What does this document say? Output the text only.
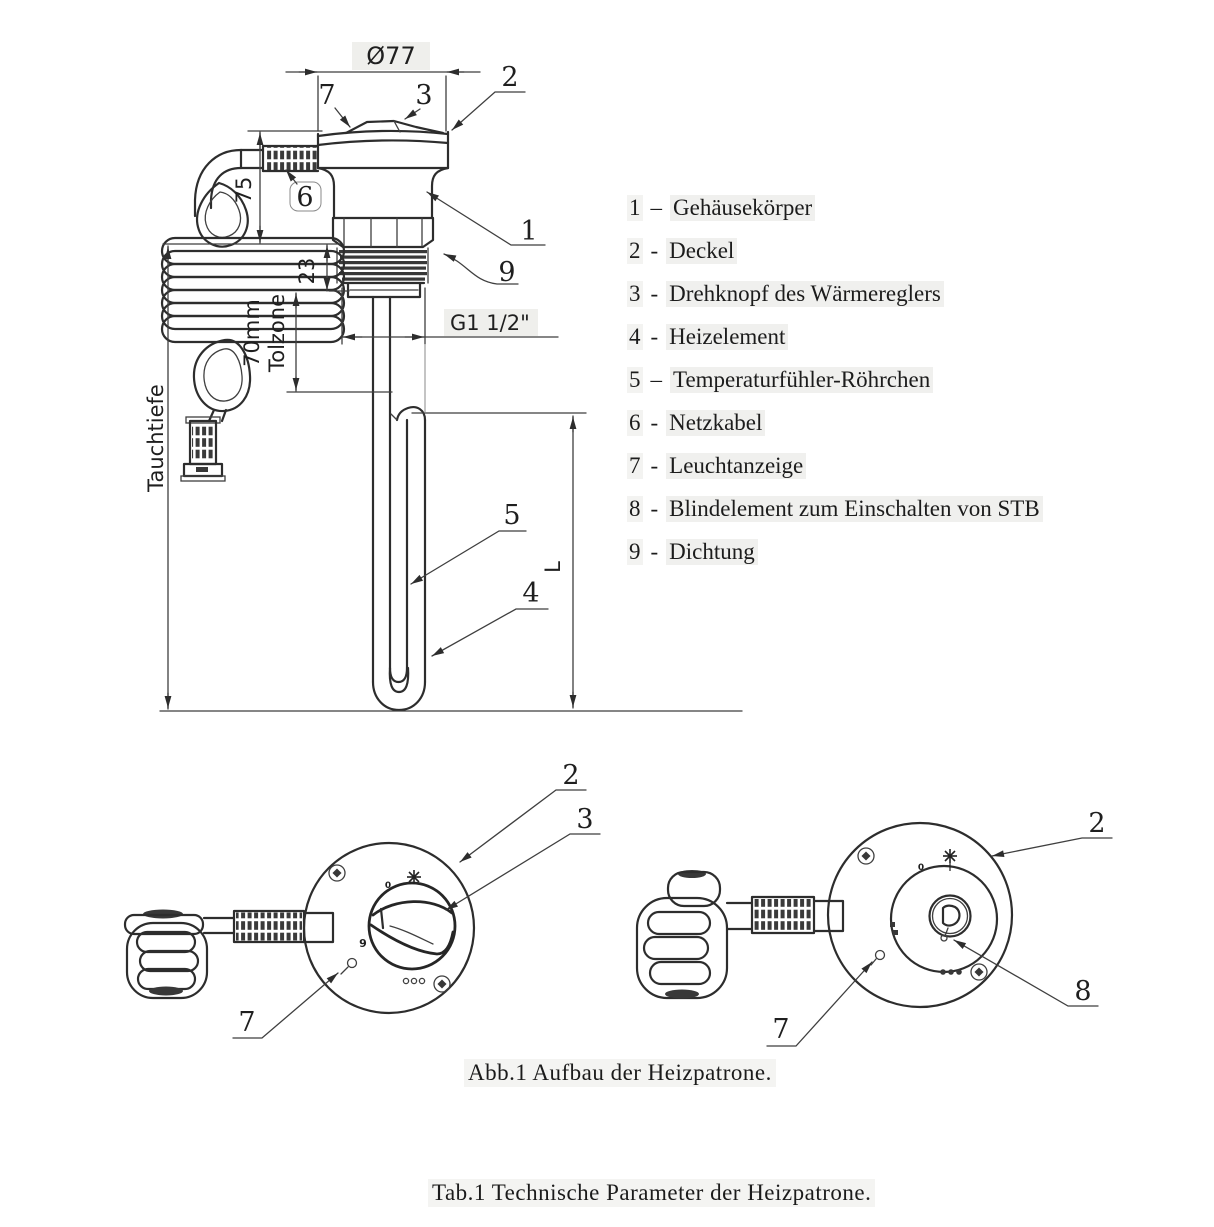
Ø77
75
23
70mm Tolzone
Tauchtiefe
G1 1/2"
L
7	3
2
6
1
9
5
4
0
9
2
3
7
0
2
8
7
1 – Gehäusekörper
2 - Deckel
3 - Drehknopf des Wärmereglers
4 - Heizelement
5 – Temperaturfühler-Röhrchen
6 - Netzkabel
7 - Leuchtanzeige
8 - Blindelement zum Einschalten von STB
9 - Dichtung
Abb.1 Aufbau der Heizpatrone.
Tab.1 Technische Parameter der Heizpatrone.
